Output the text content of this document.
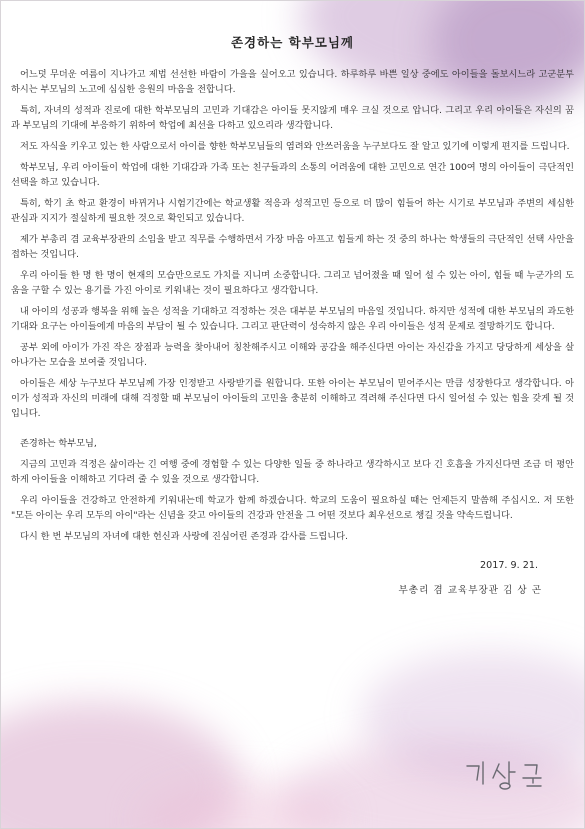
존경하는 학부모님께

어느덧 무더운 여름이 지나가고 제법 선선한 바람이 가을을 실어오고 있습니다. 하루하루 바쁜 일상 중에도 아이들을 돌보시느라 고군분투 하시는 부모님의 노고에 심심한 응원의 마음을 전합니다.

특히, 자녀의 성적과 진로에 대한 학부모님의 고민과 기대감은 아이들 못지않게 매우 크실 것으로 압니다. 그리고 우리 아이들은 자신의 꿈과 부모님의 기대에 부응하기 위하여 학업에 최선을 다하고 있으리라 생각합니다.

저도 자식을 키우고 있는 한 사람으로서 아이를 향한 학부모님들의 염려와 안쓰러움을 누구보다도 잘 알고 있기에 이렇게 편지를 드립니다.

학부모님, 우리 아이들이 학업에 대한 기대감과 가족 또는 친구들과의 소통의 어려움에 대한 고민으로 연간 100여 명의 아이들이 극단적인 선택을 하고 있습니다.

특히, 학기 초 학교 환경이 바뀌거나 시험기간에는 학교생활 적응과 성적고민 등으로 더 많이 힘들어 하는 시기로 부모님과 주변의 세심한 관심과 지지가 절실하게 필요한 것으로 확인되고 있습니다.

제가 부총리 겸 교육부장관의 소임을 받고 직무를 수행하면서 가장 마음 아프고 힘들게 하는 것 중의 하나는 학생들의 극단적인 선택 사안을 접하는 것입니다.

우리 아이들 한 명 한 명이 현재의 모습만으로도 가치를 지니며 소중합니다. 그리고 넘어졌을 때 일어 설 수 있는 아이, 힘들 때 누군가의 도움을 구할 수 있는 용기를 가진 아이로 키워내는 것이 필요하다고 생각합니다.

내 아이의 성공과 행복을 위해 높은 성적을 기대하고 걱정하는 것은 대부분 부모님의 마음일 것입니다. 하지만 성적에 대한 부모님의 과도한 기대와 요구는 아이들에게 마음의 부담이 될 수 있습니다. 그리고 판단력이 성숙하지 않은 우리 아이들은 성적 문제로 절망하기도 합니다.

공부 외에 아이가 가진 작은 장점과 능력을 찾아내어 칭찬해주시고 이해와 공감을 해주신다면 아이는 자신감을 가지고 당당하게 세상을 살아나가는 모습을 보여줄 것입니다.

아이들은 세상 누구보다 부모님께 가장 인정받고 사랑받기를 원합니다. 또한 아이는 부모님이 믿어주시는 만큼 성장한다고 생각합니다. 아이가 성적과 자신의 미래에 대해 걱정할 때 부모님이 아이들의 고민을 충분히 이해하고 격려해 주신다면 다시 일어설 수 있는 힘을 갖게 될 것입니다.

존경하는 학부모님,

지금의 고민과 걱정은 삶이라는 긴 여행 중에 경험할 수 있는 다양한 일들 중 하나라고 생각하시고 보다 긴 호흡을 가지신다면 조금 더 평안하게 아이들을 이해하고 기다려 줄 수 있을 것으로 생각합니다.

우리 아이들을 건강하고 안전하게 키워내는데 학교가 함께 하겠습니다. 학교의 도움이 필요하실 때는 언제든지 말씀해 주십시오. 저 또한 "모든 아이는 우리 모두의 아이"라는 신념을 갖고 아이들의 건강과 안전을 그 어떤 것보다 최우선으로 챙길 것을 약속드립니다.

다시 한 번 부모님의 자녀에 대한 헌신과 사랑에 진심어린 존경과 감사를 드립니다.

2017. 9. 21.
부총리 겸 교육부장관 김 상 곤
